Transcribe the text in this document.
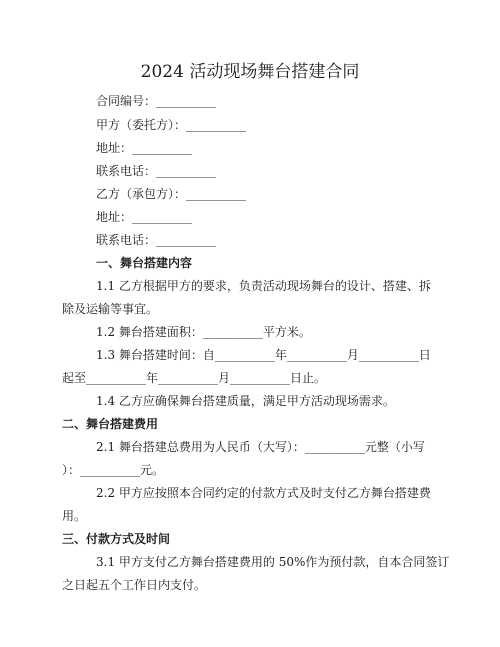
2024 活动现场舞台搭建合同
合同编号：__________
甲方（委托方）：__________
地址：__________
联系电话：__________
乙方（承包方）：__________
地址：__________
联系电话：__________
一、舞台搭建内容
1.1 乙方根据甲方的要求，负责活动现场舞台的设计、搭建、拆
除及运输等事宜。
1.2 舞台搭建面积：__________平方米。
1.3 舞台搭建时间：自__________年__________月__________日
起至__________年__________月__________日止。
1.4 乙方应确保舞台搭建质量，满足甲方活动现场需求。
二、舞台搭建费用
2.1 舞台搭建总费用为人民币（大写）：__________元整（小写
）：__________元。
2.2 甲方应按照本合同约定的付款方式及时支付乙方舞台搭建费
用。
三、付款方式及时间
3.1 甲方支付乙方舞台搭建费用的 50%作为预付款，自本合同签订
之日起五个工作日内支付。
